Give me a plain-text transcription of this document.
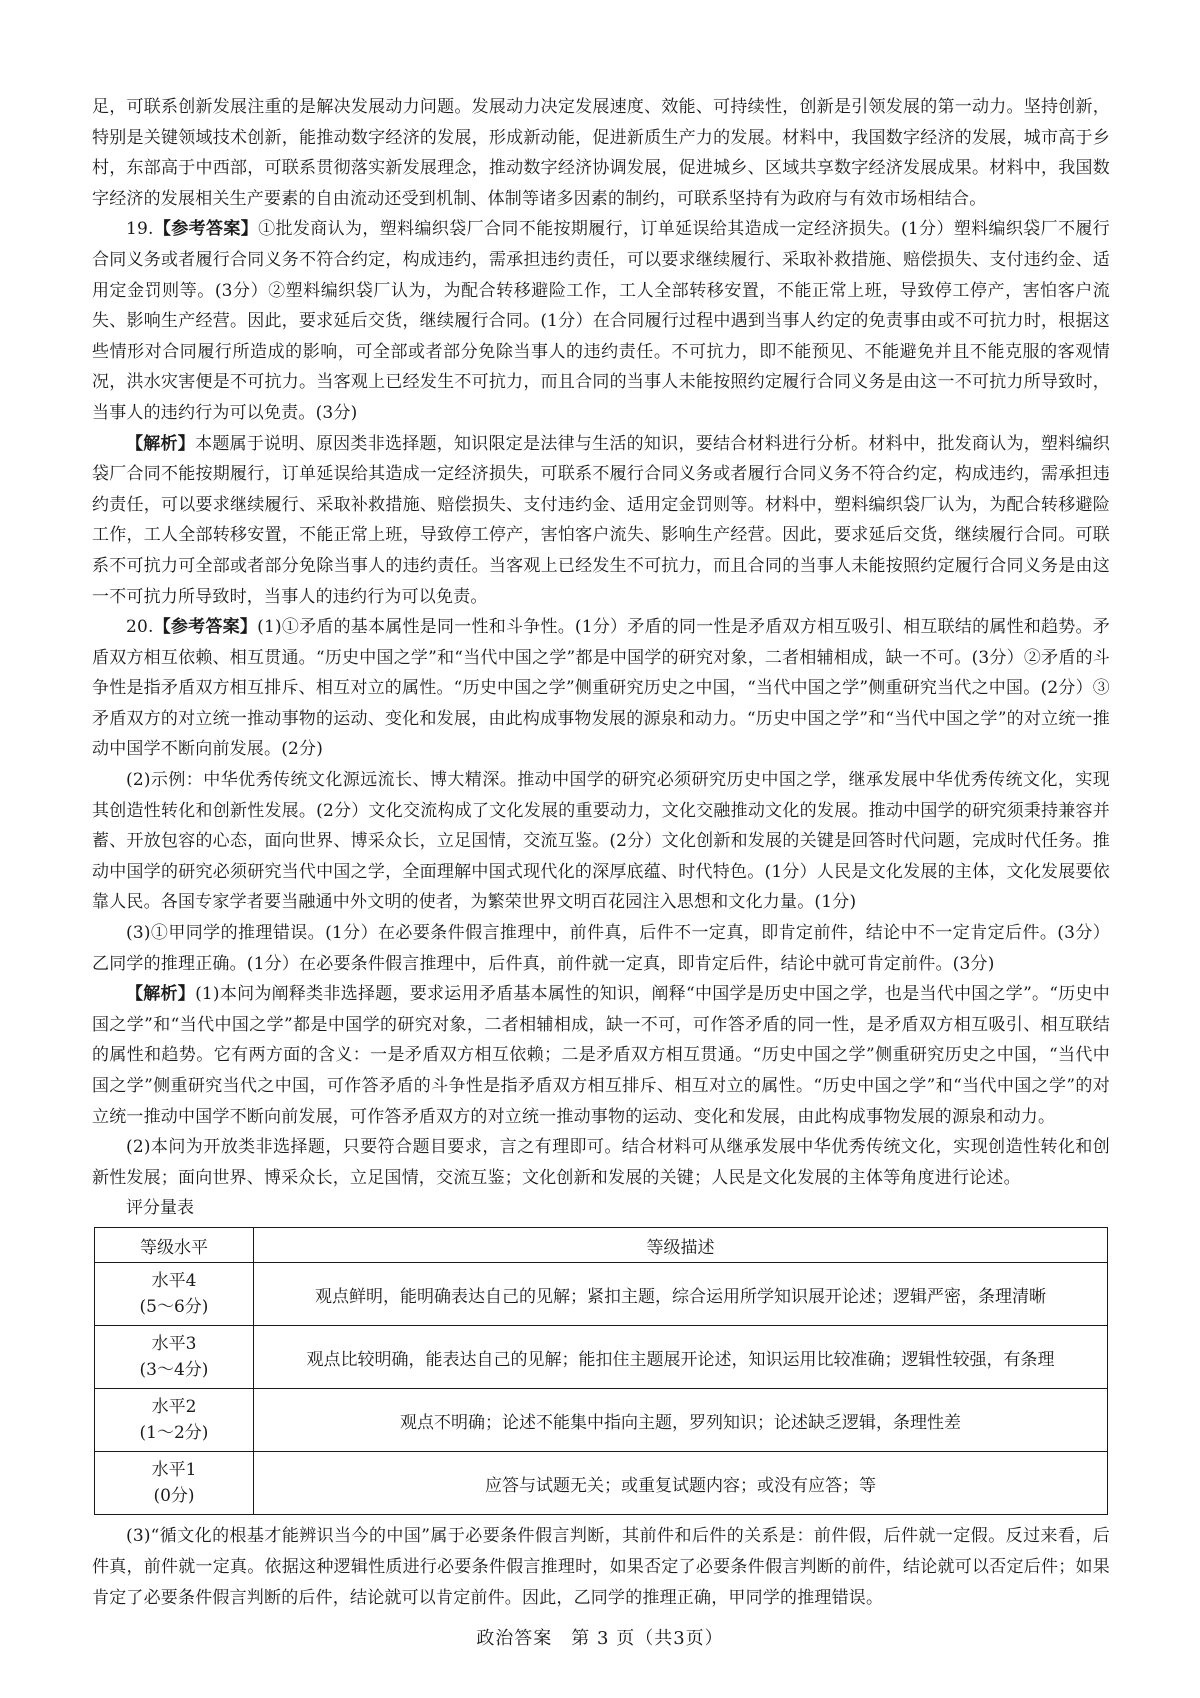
足，可联系创新发展注重的是解决发展动力问题。发展动力决定发展速度、效能、可持续性，创新是引领发展的第一动力。坚持创新，特别是关键领域技术创新，能推动数字经济的发展，形成新动能，促进新质生产力的发展。材料中，我国数字经济的发展，城市高于乡村，东部高于中西部，可联系贯彻落实新发展理念，推动数字经济协调发展，促进城乡、区域共享数字经济发展成果。材料中，我国数字经济的发展相关生产要素的自由流动还受到机制、体制等诸多因素的制约，可联系坚持有为政府与有效市场相结合。

19.【参考答案】①批发商认为，塑料编织袋厂合同不能按期履行，订单延误给其造成一定经济损失。(1分）塑料编织袋厂不履行合同义务或者履行合同义务不符合约定，构成违约，需承担违约责任，可以要求继续履行、采取补救措施、赔偿损失、支付违约金、适用定金罚则等。(3分）②塑料编织袋厂认为，为配合转移避险工作，工人全部转移安置，不能正常上班，导致停工停产，害怕客户流失、影响生产经营。因此，要求延后交货，继续履行合同。(1分）在合同履行过程中遇到当事人约定的免责事由或不可抗力时，根据这些情形对合同履行所造成的影响，可全部或者部分免除当事人的违约责任。不可抗力，即不能预见、不能避免并且不能克服的客观情况，洪水灾害便是不可抗力。当客观上已经发生不可抗力，而且合同的当事人未能按照约定履行合同义务是由这一不可抗力所导致时，当事人的违约行为可以免责。(3分)

【解析】本题属于说明、原因类非选择题，知识限定是法律与生活的知识，要结合材料进行分析。材料中，批发商认为，塑料编织袋厂合同不能按期履行，订单延误给其造成一定经济损失，可联系不履行合同义务或者履行合同义务不符合约定，构成违约，需承担违约责任，可以要求继续履行、采取补救措施、赔偿损失、支付违约金、适用定金罚则等。材料中，塑料编织袋厂认为，为配合转移避险工作，工人全部转移安置，不能正常上班，导致停工停产，害怕客户流失、影响生产经营。因此，要求延后交货，继续履行合同。可联系不可抗力可全部或者部分免除当事人的违约责任。当客观上已经发生不可抗力，而且合同的当事人未能按照约定履行合同义务是由这一不可抗力所导致时，当事人的违约行为可以免责。

20.【参考答案】(1)①矛盾的基本属性是同一性和斗争性。(1分）矛盾的同一性是矛盾双方相互吸引、相互联结的属性和趋势。矛盾双方相互依赖、相互贯通。“历史中国之学”和“当代中国之学”都是中国学的研究对象，二者相辅相成，缺一不可。(3分）②矛盾的斗争性是指矛盾双方相互排斥、相互对立的属性。“历史中国之学”侧重研究历史之中国，“当代中国之学”侧重研究当代之中国。(2分）③矛盾双方的对立统一推动事物的运动、变化和发展，由此构成事物发展的源泉和动力。“历史中国之学”和“当代中国之学”的对立统一推动中国学不断向前发展。(2分)

(2)示例：中华优秀传统文化源远流长、博大精深。推动中国学的研究必须研究历史中国之学，继承发展中华优秀传统文化，实现其创造性转化和创新性发展。(2分）文化交流构成了文化发展的重要动力，文化交融推动文化的发展。推动中国学的研究须秉持兼容并蓄、开放包容的心态，面向世界、博采众长，立足国情，交流互鉴。(2分）文化创新和发展的关键是回答时代问题，完成时代任务。推动中国学的研究必须研究当代中国之学，全面理解中国式现代化的深厚底蕴、时代特色。(1分）人民是文化发展的主体，文化发展要依靠人民。各国专家学者要当融通中外文明的使者，为繁荣世界文明百花园注入思想和文化力量。(1分)

(3)①甲同学的推理错误。(1分）在必要条件假言推理中，前件真，后件不一定真，即肯定前件，结论中不一定肯定后件。(3分）乙同学的推理正确。(1分）在必要条件假言推理中，后件真，前件就一定真，即肯定后件，结论中就可肯定前件。(3分)

【解析】(1)本问为阐释类非选择题，要求运用矛盾基本属性的知识，阐释“中国学是历史中国之学，也是当代中国之学”。“历史中国之学”和“当代中国之学”都是中国学的研究对象，二者相辅相成，缺一不可，可作答矛盾的同一性，是矛盾双方相互吸引、相互联结的属性和趋势。它有两方面的含义：一是矛盾双方相互依赖；二是矛盾双方相互贯通。“历史中国之学”侧重研究历史之中国，“当代中国之学”侧重研究当代之中国，可作答矛盾的斗争性是指矛盾双方相互排斥、相互对立的属性。“历史中国之学”和“当代中国之学”的对立统一推动中国学不断向前发展，可作答矛盾双方的对立统一推动事物的运动、变化和发展，由此构成事物发展的源泉和动力。

(2)本问为开放类非选择题，只要符合题目要求，言之有理即可。结合材料可从继承发展中华优秀传统文化，实现创造性转化和创新性发展；面向世界、博采众长，立足国情，交流互鉴；文化创新和发展的关键；人民是文化发展的主体等角度进行论述。

评分量表
等级水平	等级描述
水平4
(5～6分)	观点鲜明，能明确表达自己的见解；紧扣主题，综合运用所学知识展开论述；逻辑严密，条理清晰
水平3
(3～4分)	观点比较明确，能表达自己的见解；能扣住主题展开论述，知识运用比较准确；逻辑性较强，有条理
水平2
(1～2分)	观点不明确；论述不能集中指向主题，罗列知识；论述缺乏逻辑，条理性差
水平1
(0分)	应答与试题无关；或重复试题内容；或没有应答；等

(3)“循文化的根基才能辨识当今的中国”属于必要条件假言判断，其前件和后件的关系是：前件假，后件就一定假。反过来看，后件真，前件就一定真。依据这种逻辑性质进行必要条件假言推理时，如果否定了必要条件假言判断的前件，结论就可以否定后件；如果肯定了必要条件假言判断的后件，结论就可以肯定前件。因此，乙同学的推理正确，甲同学的推理错误。

政治答案　第 3 页（共3页）
